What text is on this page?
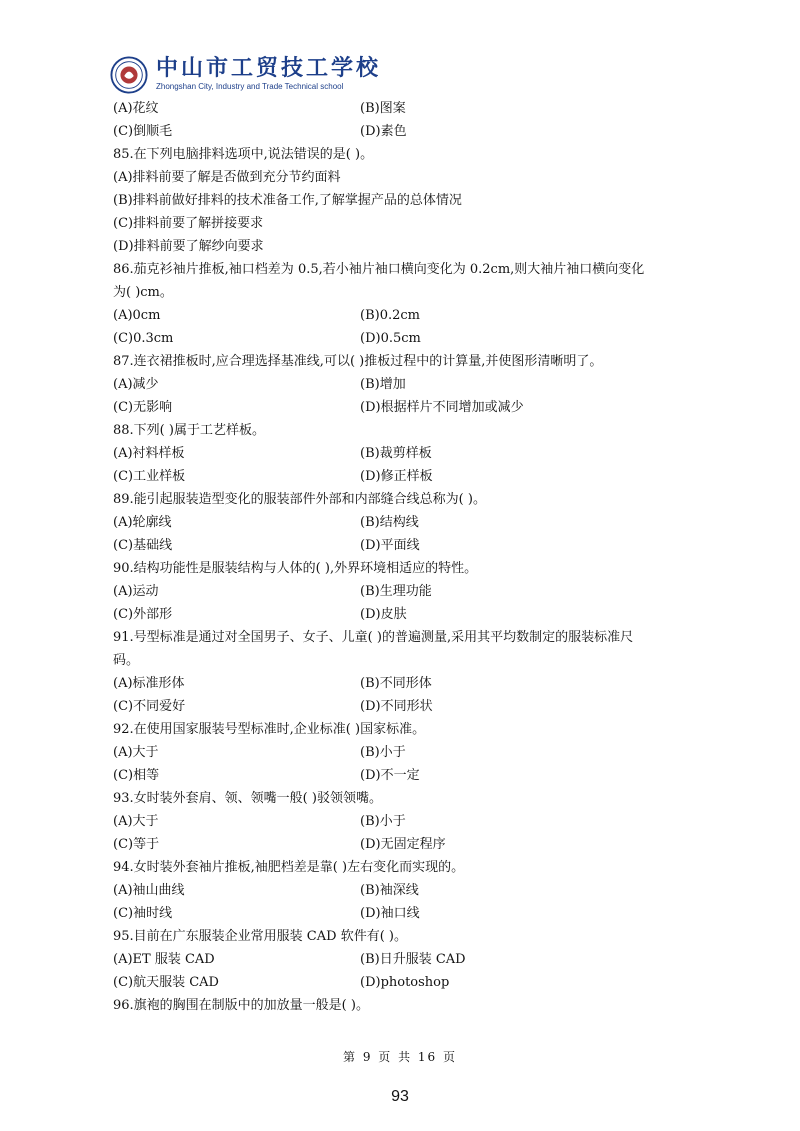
中山市工贸技工学校
Zhongshan City, Industry and Trade Technical school
(A)花纹	(B)图案
(C)倒顺毛	(D)素色
85.在下列电脑排料选项中,说法错误的是( )。
(A)排料前要了解是否做到充分节约面料
(B)排料前做好排料的技术准备工作,了解掌握产品的总体情况
(C)排料前要了解拼接要求
(D)排料前要了解纱向要求
86.茄克衫袖片推板,袖口档差为 0.5,若小袖片袖口横向变化为 0.2cm,则大袖片袖口横向变化
为( )cm。
(A)0cm	(B)0.2cm
(C)0.3cm	(D)0.5cm
87.连衣裙推板时,应合理选择基准线,可以( )推板过程中的计算量,并使图形清晰明了。
(A)减少	(B)增加
(C)无影响	(D)根据样片不同增加或减少
88.下列( )属于工艺样板。
(A)衬料样板	(B)裁剪样板
(C)工业样板	(D)修正样板
89.能引起服装造型变化的服装部件外部和内部缝合线总称为( )。
(A)轮廓线	(B)结构线
(C)基础线	(D)平面线
90.结构功能性是服装结构与人体的( ),外界环境相适应的特性。
(A)运动	(B)生理功能
(C)外部形	(D)皮肤
91.号型标准是通过对全国男子、女子、儿童( )的普遍测量,采用其平均数制定的服装标准尺
码。
(A)标准形体	(B)不同形体
(C)不同爱好	(D)不同形状
92.在使用国家服装号型标准时,企业标准( )国家标准。
(A)大于	(B)小于
(C)相等	(D)不一定
93.女时装外套肩、领、领嘴一般( )驳领领嘴。
(A)大于	(B)小于
(C)等于	(D)无固定程序
94.女时装外套袖片推板,袖肥档差是靠( )左右变化而实现的。
(A)袖山曲线	(B)袖深线
(C)袖时线	(D)袖口线
95.目前在广东服装企业常用服装 CAD 软件有( )。
(A)ET 服装 CAD	(B)日升服装 CAD
(C)航天服装 CAD	(D)photoshop
96.旗袍的胸围在制版中的加放量一般是( )。
第 9 页 共 16 页
93
